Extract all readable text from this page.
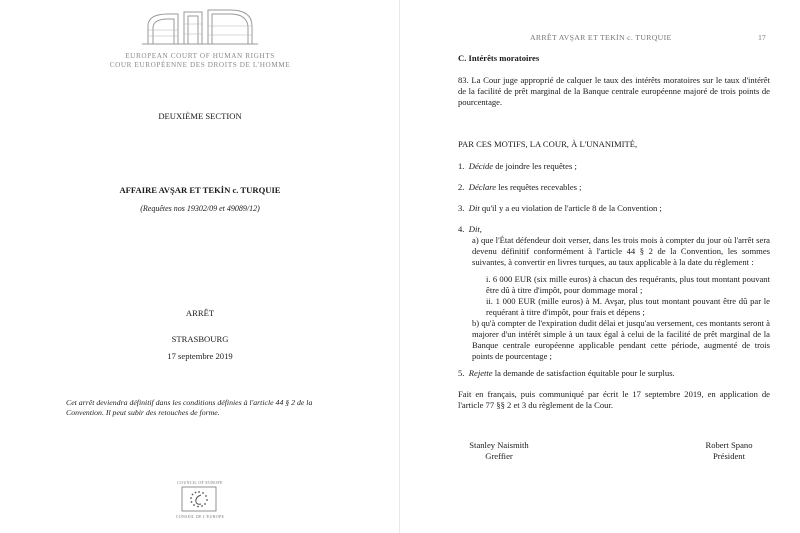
EUROPEAN COURT OF HUMAN RIGHTS
COUR EUROPÉENNE DES DROITS DE L'HOMME
DEUXIÈME SECTION
AFFAIRE AVŞAR ET TEKİN c. TURQUIE
(Requêtes nos 19302/09 et 49089/12)
ARRÊT
STRASBOURG
17 septembre 2019
Cet arrêt deviendra définitif dans les conditions définies à l'article 44 § 2 de la Convention. Il peut subir des retouches de forme.
COUNCIL OF EUROPE
CONSEIL DE L'EUROPE
ARRÊT AVŞAR ET TEKİN c. TURQUIE	17
C. Intérêts moratoires
83. La Cour juge approprié de calquer le taux des intérêts moratoires sur le taux d'intérêt de la facilité de prêt marginal de la Banque centrale européenne majoré de trois points de pourcentage.
PAR CES MOTIFS, LA COUR, À L'UNANIMITÉ,
1. Décide de joindre les requêtes ;
2. Déclare les requêtes recevables ;
3. Dit qu'il y a eu violation de l'article 8 de la Convention ;
4. Dit,
a) que l'État défendeur doit verser, dans les trois mois à compter du jour où l'arrêt sera devenu définitif conformément à l'article 44 § 2 de la Convention, les sommes suivantes, à convertir en livres turques, au taux applicable à la date du règlement :
i. 6 000 EUR (six mille euros) à chacun des requérants, plus tout montant pouvant être dû à titre d'impôt, pour dommage moral ;
ii. 1 000 EUR (mille euros) à M. Avşar, plus tout montant pouvant être dû par le requérant à titre d'impôt, pour frais et dépens ;
b) qu'à compter de l'expiration dudit délai et jusqu'au versement, ces montants seront à majorer d'un intérêt simple à un taux égal à celui de la facilité de prêt marginal de la Banque centrale européenne applicable pendant cette période, augmenté de trois points de pourcentage ;
5. Rejette la demande de satisfaction équitable pour le surplus.
Fait en français, puis communiqué par écrit le 17 septembre 2019, en application de l'article 77 §§ 2 et 3 du règlement de la Cour.
Stanley Naismith
Greffier
Robert Spano
Président
